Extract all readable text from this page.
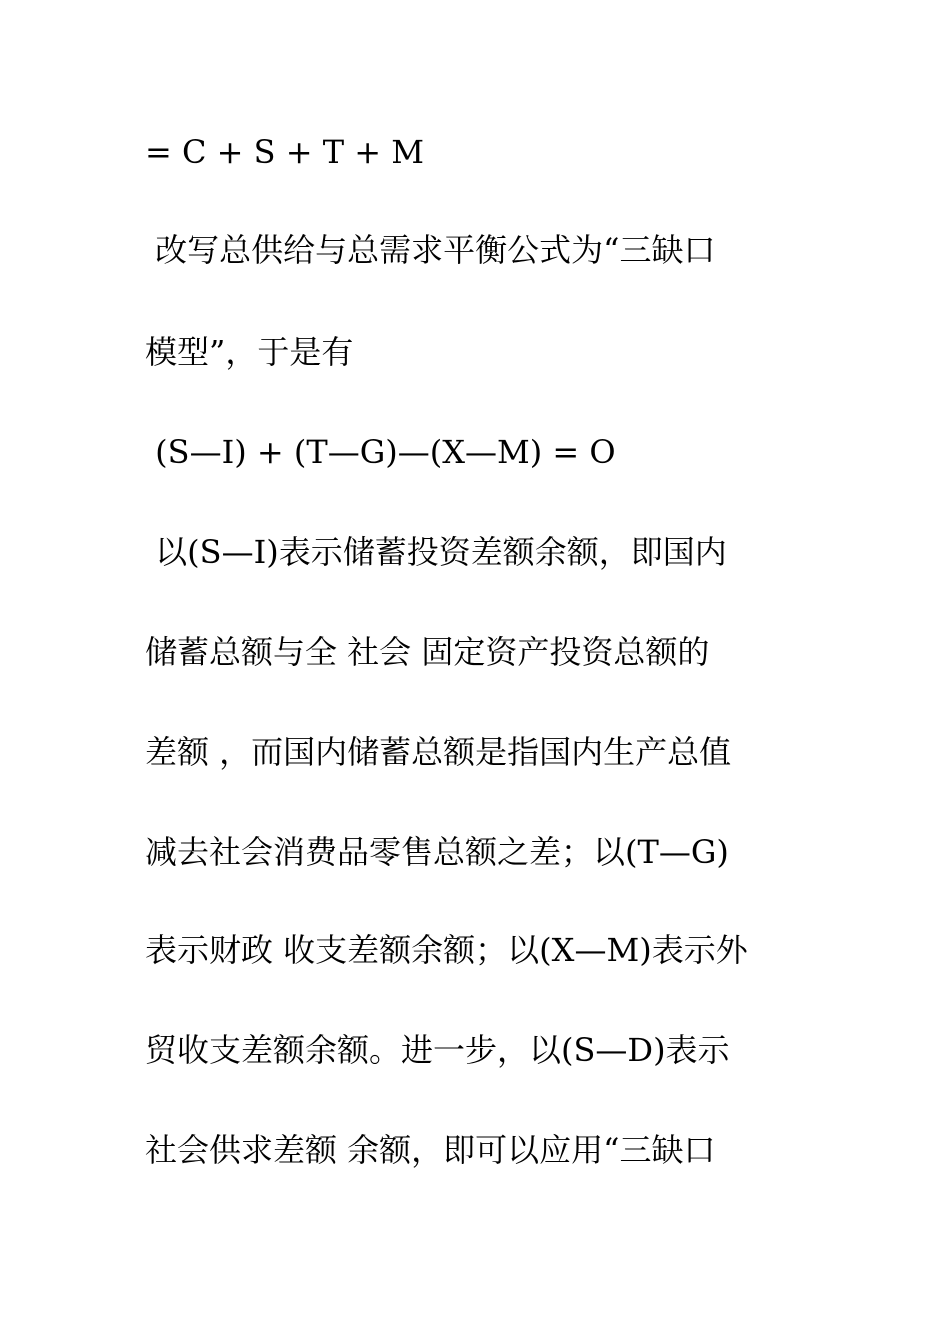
= C + S + T + M
改写总供给与总需求平衡公式为“三缺口
模型”，于是有
(S—I) + (T—G)—(X—M) = O
以(S—I)表示储蓄投资差额余额，即国内
储蓄总额与全 社会 固定资产投资总额的
差额 ，而国内储蓄总额是指国内生产总值
减去社会消费品零售总额之差；以(T—G)
表示财政 收支差额余额；以(X—M)表示外
贸收支差额余额。进一步，以(S—D)表示
社会供求差额 余额，即可以应用“三缺口
